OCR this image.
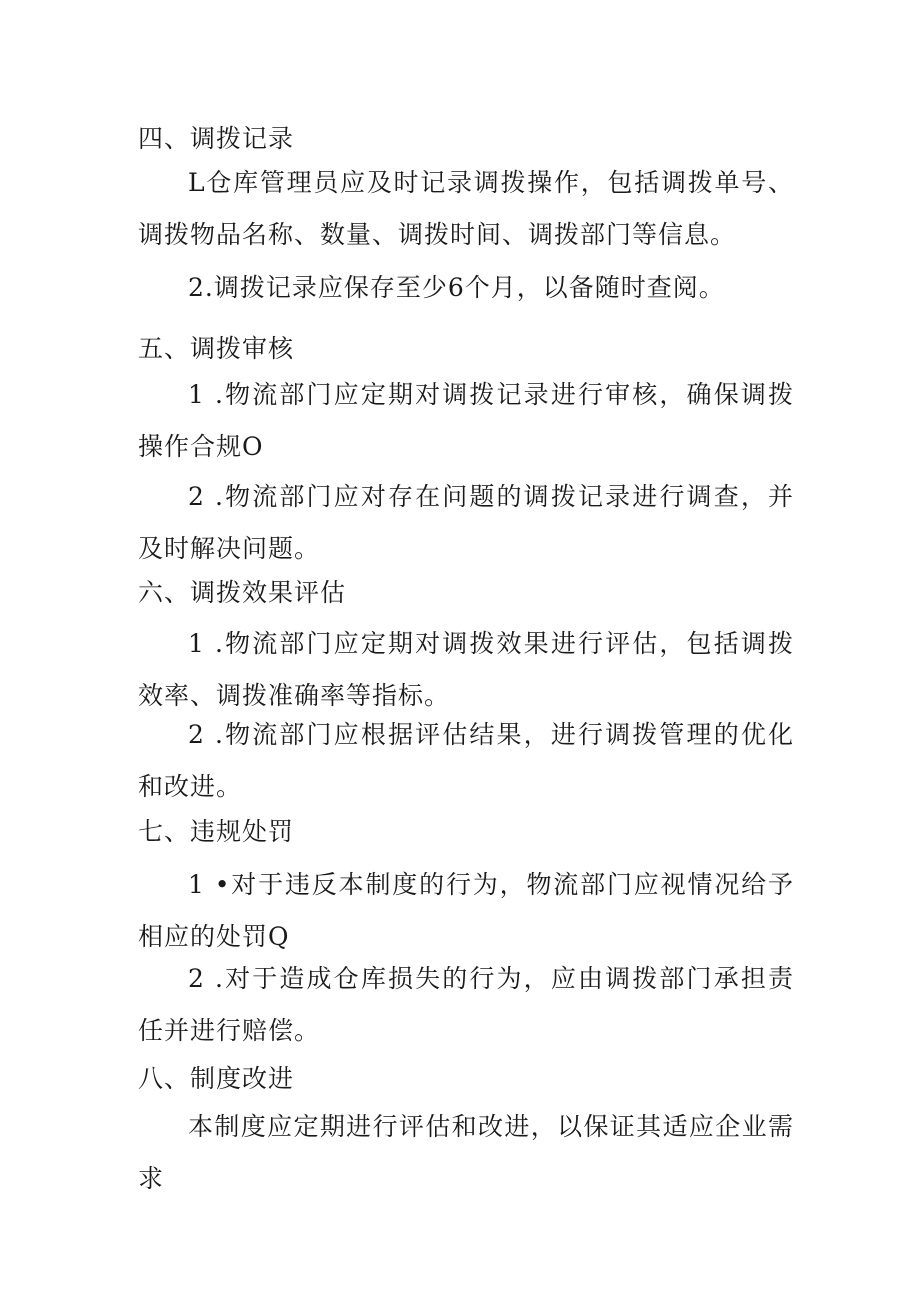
四、调拨记录
L仓库管理员应及时记录调拨操作，包括调拨单号、调拨物品名称、数量、调拨时间、调拨部门等信息。
2.调拨记录应保存至少6个月，以备随时查阅。
五、调拨审核
1 .物流部门应定期对调拨记录进行审核，确保调拨操作合规O
2 .物流部门应对存在问题的调拨记录进行调查，并及时解决问题。
六、调拨效果评估
1 .物流部门应定期对调拨效果进行评估，包括调拨效率、调拨准确率等指标。
2 .物流部门应根据评估结果，进行调拨管理的优化和改进。
七、违规处罚
1 •对于违反本制度的行为，物流部门应视情况给予相应的处罚Q
2 .对于造成仓库损失的行为，应由调拨部门承担责任并进行赔偿。
八、制度改进
本制度应定期进行评估和改进，以保证其适应企业需求
